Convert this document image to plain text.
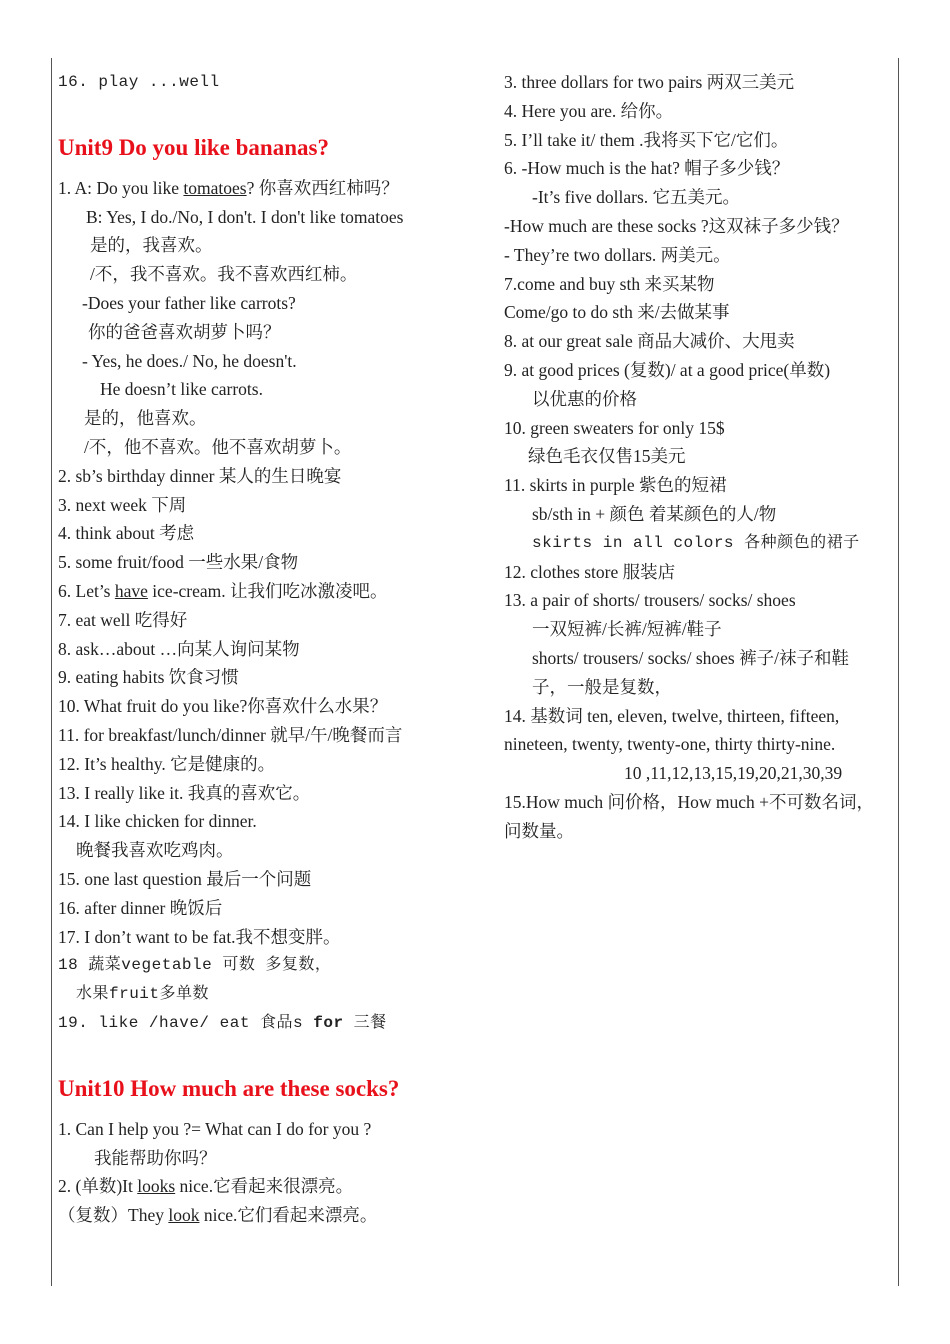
16. play ...well
Unit9 Do you like bananas?
1. A: Do you like tomatoes? 你喜欢西红柿吗？
B: Yes, I do./No, I don't. I don't like tomatoes
是的，我喜欢。
/不，我不喜欢。我不喜欢西红柿。
-Does your father like carrots?
你的爸爸喜欢胡萝卜吗？
- Yes, he does./ No, he doesn't.
He doesn’t like carrots.
是的，他喜欢。
/不，他不喜欢。他不喜欢胡萝卜。
2. sb’s birthday dinner 某人的生日晚宴
3. next week 下周
4. think about 考虑
5. some fruit/food 一些水果/食物
6. Let’s have ice-cream. 让我们吃冰激凌吧。
7. eat well 吃得好
8. ask…about …向某人询问某物
9. eating habits 饮食习惯
10. What fruit do you like?你喜欢什么水果？
11. for breakfast/lunch/dinner 就早/午/晚餐而言
12. It’s healthy. 它是健康的。
13. I really like it. 我真的喜欢它。
14. I like chicken for dinner.
晚餐我喜欢吃鸡肉。
15. one last question 最后一个问题
16. after dinner 晚饭后
17. I don’t want to be fat.我不想变胖。
18 蔬菜vegetable 可数 多复数，
水果fruit多单数
19. like /have/ eat 食品s for 三餐
Unit10 How much are these socks?
1. Can I help you ?= What can I do for you ?
我能帮助你吗？
2. (单数)It looks nice.它看起来很漂亮。
（复数）They look nice.它们看起来漂亮。
3. three dollars for two pairs 两双三美元
4. Here you are. 给你。
5. I’ll take it/ them .我将买下它/它们。
6. -How much is the hat? 帽子多少钱？
-It’s five dollars. 它五美元。
-How much are these socks ?这双袜子多少钱？
- They’re two dollars. 两美元。
7.come and buy sth 来买某物
Come/go to do sth 来/去做某事
8. at our great sale 商品大减价、大甩卖
9. at good prices (复数)/ at a good price(单数)
以优惠的价格
10. green sweaters for only 15$
绿色毛衣仅售15美元
11. skirts in purple 紫色的短裙
sb/sth in + 颜色 着某颜色的人/物
skirts in all colors 各种颜色的裙子
12. clothes store 服装店
13. a pair of shorts/ trousers/ socks/ shoes
一双短裤/长裤/短裤/鞋子
shorts/ trousers/ socks/ shoes 裤子/袜子和鞋
子，一般是复数，
14. 基数词 ten, eleven, twelve, thirteen, fifteen,
nineteen, twenty, twenty-one, thirty thirty-nine.
10 ,11,12,13,15,19,20,21,30,39
15.How much 问价格，How much +不可数名词，
问数量。
